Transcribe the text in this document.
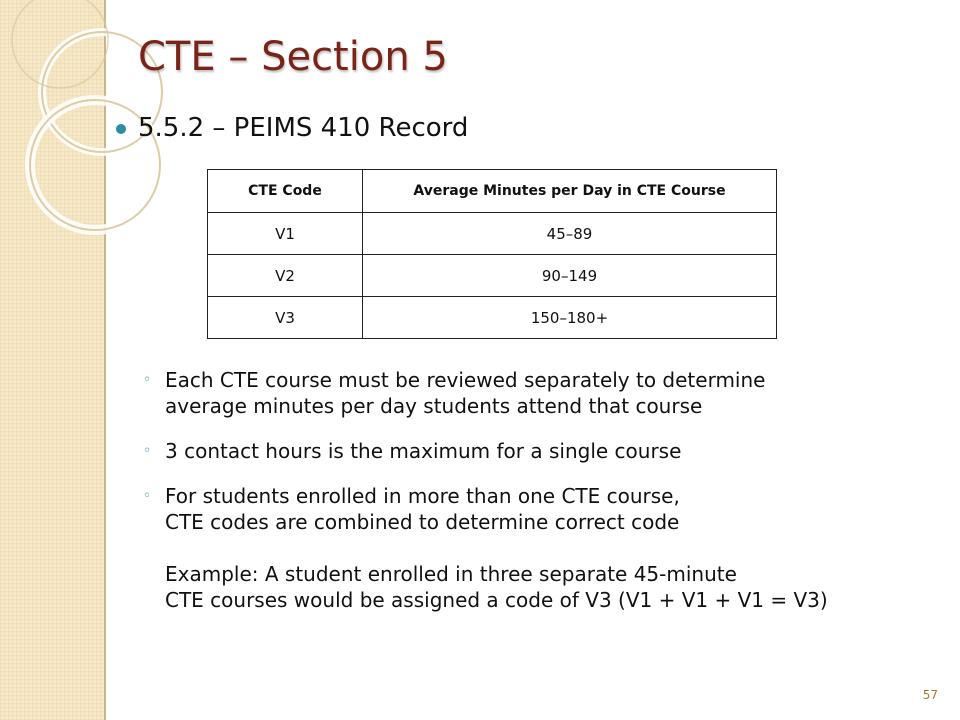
CTE – Section 5
5.5.2 – PEIMS 410 Record
CTE Code	Average Minutes per Day in CTE Course
V1	45–89
V2	90–149
V3	150–180+
◦ Each CTE course must be reviewed separately to determine
average minutes per day students attend that course
◦ 3 contact hours is the maximum for a single course
◦ For students enrolled in more than one CTE course,
CTE codes are combined to determine correct code
Example: A student enrolled in three separate 45-minute
CTE courses would be assigned a code of V3 (V1 + V1 + V1 = V3)
57
